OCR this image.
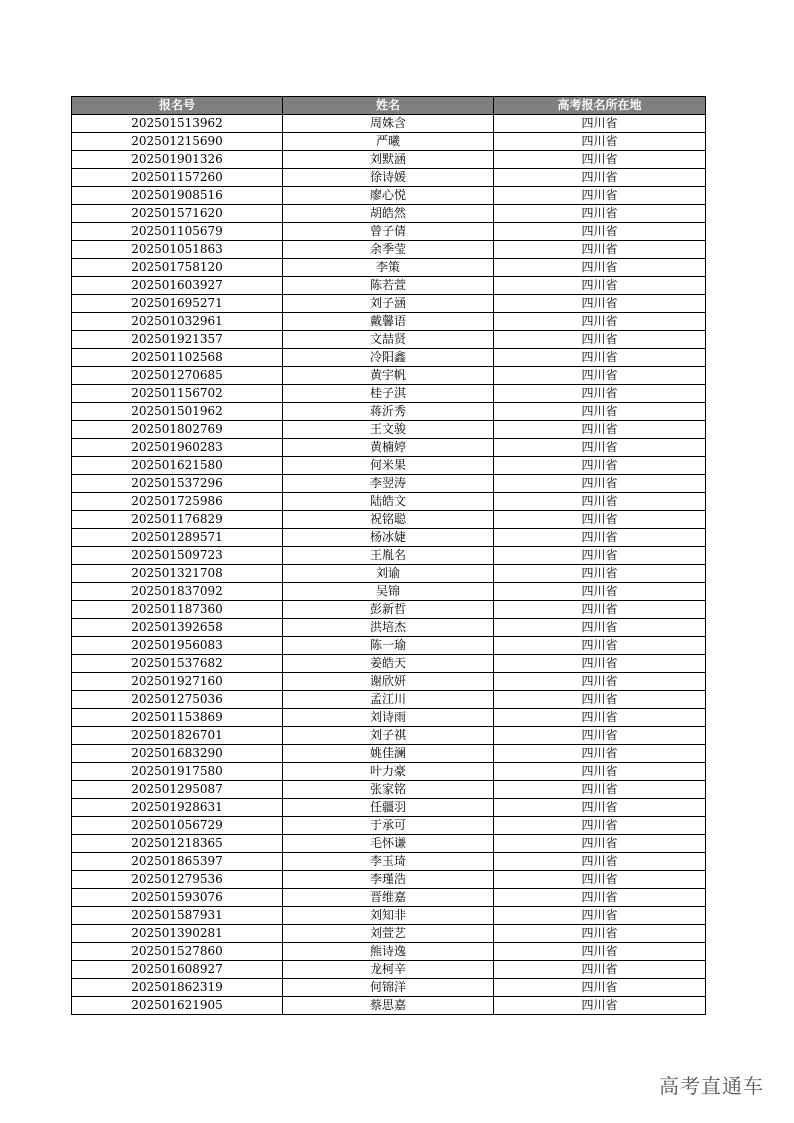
报名号	姓名	高考报名所在地
202501513962	周姝含	四川省
202501215690	严曦	四川省
202501901326	刘默涵	四川省
202501157260	徐诗媛	四川省
202501908516	廖心悦	四川省
202501571620	胡皓然	四川省
202501105679	曾子倩	四川省
202501051863	余季莹	四川省
202501758120	李策	四川省
202501603927	陈若萱	四川省
202501695271	刘子涵	四川省
202501032961	戴馨语	四川省
202501921357	文喆贤	四川省
202501102568	冷阳鑫	四川省
202501270685	黄宇帆	四川省
202501156702	桂子淇	四川省
202501501962	蒋沂秀	四川省
202501802769	王文骏	四川省
202501960283	黄楠婷	四川省
202501621580	何米果	四川省
202501537296	李翌涛	四川省
202501725986	陆皓文	四川省
202501176829	祝铭聪	四川省
202501289571	杨冰婕	四川省
202501509723	王胤名	四川省
202501321708	刘谕	四川省
202501837092	吴锦	四川省
202501187360	彭新哲	四川省
202501392658	洪培杰	四川省
202501956083	陈一瑜	四川省
202501537682	姜皓天	四川省
202501927160	谢欣妍	四川省
202501275036	孟江川	四川省
202501153869	刘诗雨	四川省
202501826701	刘子祺	四川省
202501683290	姚佳澜	四川省
202501917580	叶力豪	四川省
202501295087	张家铭	四川省
202501928631	任疆羽	四川省
202501056729	于承可	四川省
202501218365	毛怀谦	四川省
202501865397	李玉琦	四川省
202501279536	李瑾浩	四川省
202501593076	晋维嘉	四川省
202501587931	刘知非	四川省
202501390281	刘萱艺	四川省
202501527860	熊诗逸	四川省
202501608927	龙柯辛	四川省
202501862319	何锦洋	四川省
202501621905	蔡思嘉	四川省
高考直通车
